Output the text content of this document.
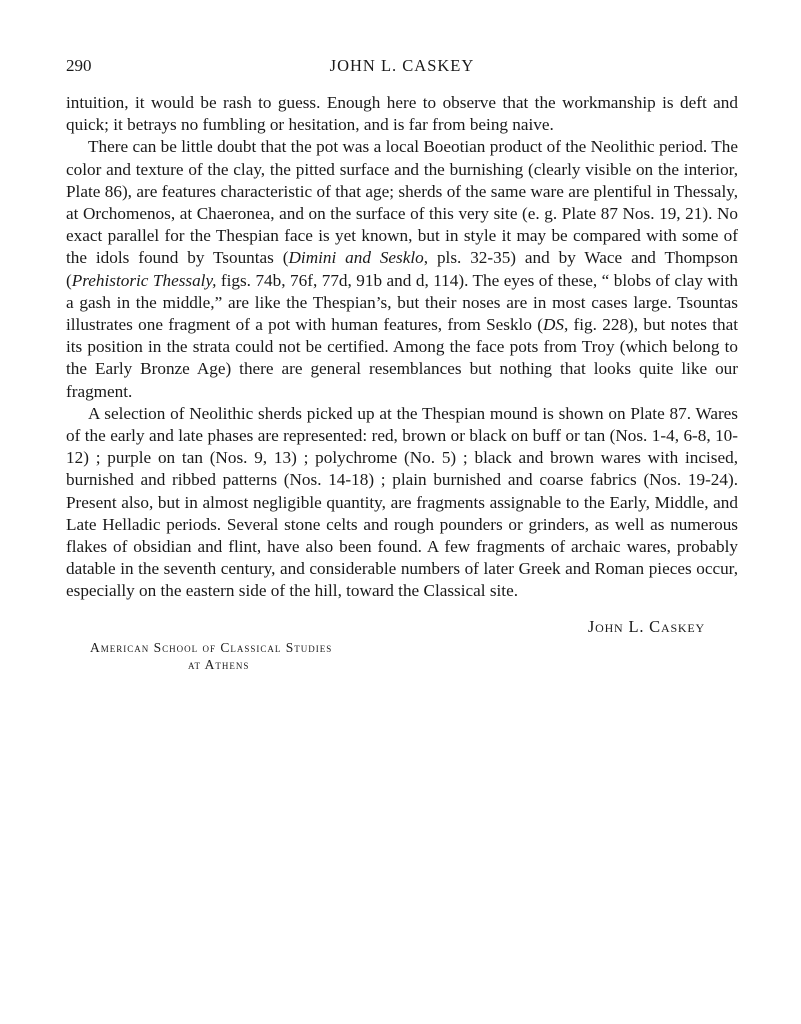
290	JOHN L. CASKEY

intuition, it would be rash to guess. Enough here to observe that the workmanship is deft and quick; it betrays no fumbling or hesitation, and is far from being naive.

There can be little doubt that the pot was a local Boeotian product of the Neolithic period. The color and texture of the clay, the pitted surface and the burnishing (clearly visible on the interior, Plate 86), are features characteristic of that age; sherds of the same ware are plentiful in Thessaly, at Orchomenos, at Chaeronea, and on the surface of this very site (e. g. Plate 87 Nos. 19, 21). No exact parallel for the Thespian face is yet known, but in style it may be compared with some of the idols found by Tsountas (Dimini and Sesklo, pls. 32-35) and by Wace and Thompson (Prehistoric Thessaly, figs. 74b, 76f, 77d, 91b and d, 114). The eyes of these, “ blobs of clay with a gash in the middle,” are like the Thespian’s, but their noses are in most cases large. Tsountas illustrates one fragment of a pot with human features, from Sesklo (DS, fig. 228), but notes that its position in the strata could not be certified. Among the face pots from Troy (which belong to the Early Bronze Age) there are general resemblances but nothing that looks quite like our fragment.

A selection of Neolithic sherds picked up at the Thespian mound is shown on Plate 87. Wares of the early and late phases are represented: red, brown or black on buff or tan (Nos. 1-4, 6-8, 10-12) ; purple on tan (Nos. 9, 13) ; polychrome (No. 5) ; black and brown wares with incised, burnished and ribbed patterns (Nos. 14-18) ; plain burnished and coarse fabrics (Nos. 19-24). Present also, but in almost negligible quantity, are fragments assignable to the Early, Middle, and Late Helladic periods. Several stone celts and rough pounders or grinders, as well as numerous flakes of obsidian and flint, have also been found. A few fragments of archaic wares, probably datable in the seventh century, and considerable numbers of later Greek and Roman pieces occur, especially on the eastern side of the hill, toward the Classical site.

John L. Caskey
American School of Classical Studies
at Athens
